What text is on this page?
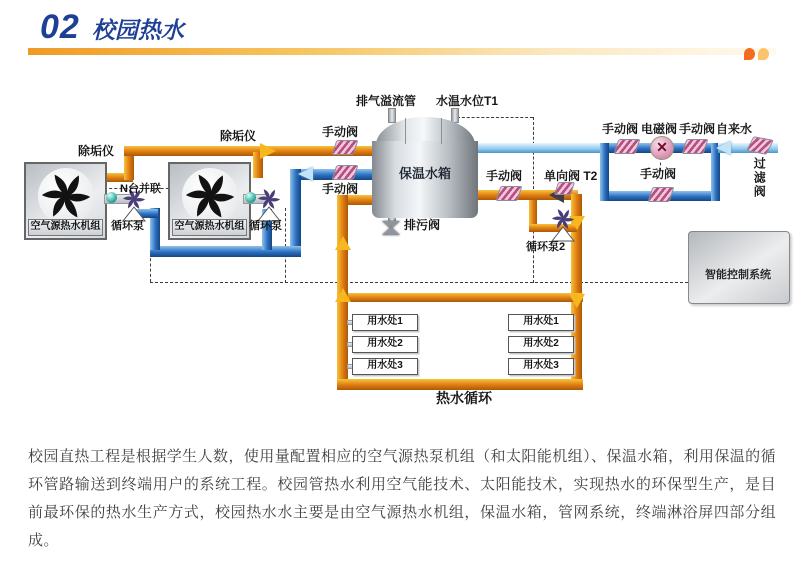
02 校园热水
空气源热水机组	空气源热水机组
保温水箱
✕
智能控制系统
用水处1
用水处2
用水处3
用水处1
用水处2
用水处3
排气溢流管 水温水位T1
除垢仪
除垢仪
N台并联
循环泵	循环泵
手动阀
手动阀
排污阀
手动阀 单向阀 T2
循环泵2
手动阀 电磁阀 手动阀 自来水
手动阀	过滤阀
热水循环
校园直热工程是根据学生人数，使用量配置相应的空气源热泵机组（和太阳能机组）、保温水箱，利用保温的循环管路输送到终端用户的系统工程。校园管热水利用空气能技术、太阳能技术，实现热水的环保型生产，是目前最环保的热水生产方式，校园热水水主要是由空气源热水机组，保温水箱，管网系统，终端淋浴屏四部分组成。
